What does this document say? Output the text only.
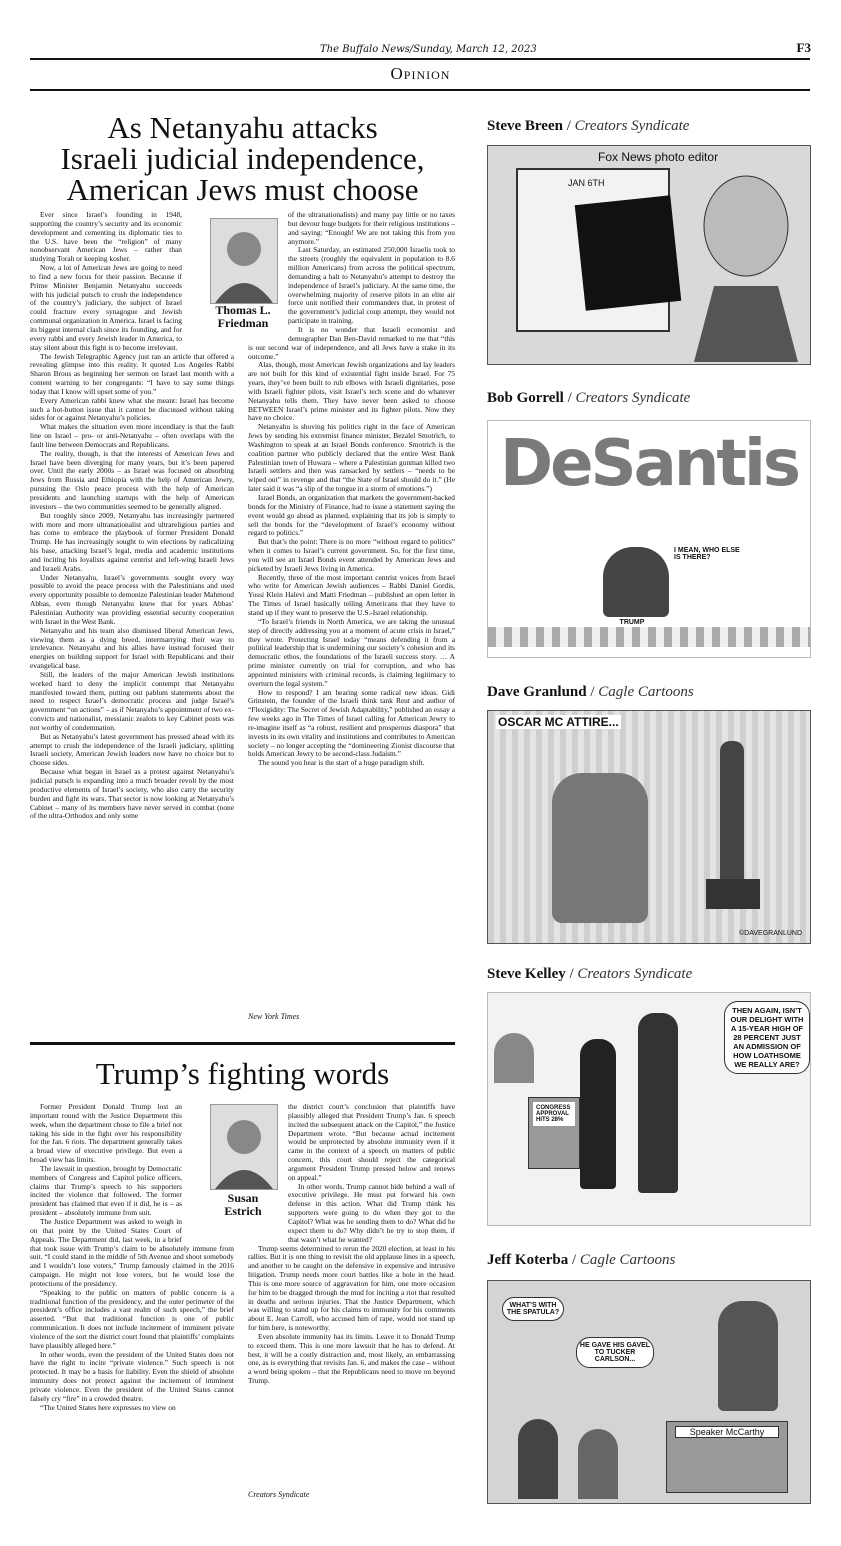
The Buffalo News/Sunday, March 12, 2023	F3
Opinion
As Netanyahu attacks
Israeli judicial independence,
American Jews must choose
Thomas L.
Friedman

Ever since Israel’s founding in 1948, supporting the country’s security and its economic development and cementing its diplomatic ties to the U.S. have been the “religion” of many nonobservant American Jews – rather than studying Torah or keeping kosher.

Now, a lot of American Jews are going to need to find a new focus for their passion. Because if Prime Minister Benjamin Netanyahu succeeds with his judicial putsch to crush the independence of the country’s judiciary, the subject of Israel could fracture every synagogue and Jewish communal organization in America. Israel is facing its biggest internal clash since its founding, and for every rabbi and every Jewish leader in America, to stay silent about this fight is to become irrelevant.

The Jewish Telegraphic Agency just ran an article that offered a revealing glimpse into this reality. It quoted Los Angeles Rabbi Sharon Brous as beginning her sermon on Israel last month with a content warning to her congregants: “I have to say some things today that I know will upset some of you.”

Every American rabbi knew what she meant: Israel has become such a hot-button issue that it cannot be discussed without taking sides for or against Netanyahu’s policies.

What makes the situation even more incendiary is that the fault line on Israel – pro- or anti-Netanyahu – often overlaps with the fault line between Democrats and Republicans.

The reality, though, is that the interests of American Jews and Israel have been diverging for many years, but it’s been papered over. Until the early 2000s – as Israel was focused on absorbing Jews from Russia and Ethiopia with the help of American Jewry, pursuing the Oslo peace process with the help of American presidents and launching startups with the help of American investors – the two communities seemed to be generally aligned.

But roughly since 2009, Netanyahu has increasingly partnered with more and more ultranationalist and ultrareligious parties and has come to embrace the playbook of former President Donald Trump. He has increasingly sought to win elections by radicalizing his base, attacking Israel’s legal, media and academic institutions and inciting his loyalists against centrist and left-wing Israeli Jews and Israeli Arabs.

Under Netanyahu, Israel’s governments sought every way possible to avoid the peace process with the Palestinians and used every opportunity possible to demonize Palestinian leader Mahmoud Abbas, even though Netanyahu knew that for years Abbas’ Palestinian Authority was providing essential security cooperation with Israel in the West Bank.

Netanyahu and his team also dismissed liberal American Jews, viewing them as a dying breed, intermarrying their way to irrelevance. Netanyahu and his allies have instead focused their energies on building support for Israel with Republicans and their evangelical base.

Still, the leaders of the major American Jewish institutions worked hard to deny the implicit contempt that Netanyahu manifested toward them, putting out pablum statements about the need to respect Israel’s democratic process and judge Israel’s government “on actions” – as if Netanyahu’s appointment of two ex-convicts and nationalist, messianic zealots to key Cabinet posts was not worthy of condemnation.

But as Netanyahu’s latest government has pressed ahead with its attempt to crush the independence of the Israeli judiciary, splitting Israeli society, American Jewish leaders now have no choice but to choose sides.

Because what began in Israel as a protest against Netanyahu’s judicial putsch is expanding into a much broader revolt by the most productive elements of Israel’s society, who also carry the security burden and fight its wars. That sector is now looking at Netanyahu’s Cabinet – many of its members have never served in combat (none of the ultra-Orthodox and only some

of the ultranationalists) and many pay little or no taxes but devour huge budgets for their religious institutions – and saying: “Enough! We are not taking this from you anymore.”

Last Saturday, an estimated 250,000 Israelis took to the streets (roughly the equivalent in population to 8.6 million Americans) from across the political spectrum, demanding a halt to Netanyahu’s attempt to destroy the independence of Israel’s judiciary. At the same time, the overwhelming majority of reserve pilots in an elite air force unit notified their commanders that, in protest of the government’s judicial coup attempt, they would not participate in training.

It is no wonder that Israeli economist and demographer Dan Ben-David remarked to me that “this is our second war of independence, and all Jews have a stake in its outcome.”

Alas, though, most American Jewish organizations and lay leaders are not built for this kind of existential fight inside Israel. For 75 years, they’ve been built to rub elbows with Israeli dignitaries, pose with Israeli fighter pilots, visit Israel’s tech scene and do whatever Netanyahu tells them. They have never been asked to choose BETWEEN Israel’s prime minister and its fighter pilots. Now they have no choice.

Netanyahu is shoving his politics right in the face of American Jews by sending his extremist finance minister, Bezalel Smotrich, to Washington to speak at an Israel Bonds conference. Smotrich is the coalition partner who publicly declared that the entire West Bank Palestinian town of Huwara – where a Palestinian gunman killed two Israeli settlers and then was ransacked by settlers – “needs to be wiped out” in revenge and that “the State of Israel should do it.” (He later said it was “a slip of the tongue in a storm of emotions.”)

Israel Bonds, an organization that markets the government-backed bonds for the Ministry of Finance, had to issue a statement saying the event would go ahead as planned, explaining that its job is simply to sell the bonds for the “development of Israel’s economy without regard to politics.”

But that’s the point: There is no more “without regard to politics” when it comes to Israel’s current government. So, for the first time, you will see an Israel Bonds event attended by American Jews and picketed by Israeli Jews living in America.

Recently, three of the most important centrist voices from Israel who write for American Jewish audiences – Rabbi Daniel Gordis, Yossi Klein Halevi and Matti Friedman – published an open letter in The Times of Israel basically telling Americans that they have to stand up if they want to preserve the U.S.-Israel relationship.

“To Israel’s friends in North America, we are taking the unusual step of directly addressing you at a moment of acute crisis in Israel,” they wrote. Protecting Israel today “means defending it from a political leadership that is undermining our society’s cohesion and its democratic ethos, the foundations of the Israeli success story. … A prime minister currently on trial for corruption, and who has appointed ministers with criminal records, is claiming legitimacy to overturn the legal system.”

How to respond? I am hearing some radical new ideas. Gidi Grinstein, the founder of the Israeli think tank Reut and author of “Flexigidity: The Secret of Jewish Adaptability,” published an essay a few weeks ago in The Times of Israel calling for American Jewry to re-imagine itself as “a robust, resilient and prosperous diaspora” that invests in its own vitality and institutions and contributes to American society – no longer accepting the “domineering Zionist discourse that holds American Jewry to be second-class Judaism.”

The sound you hear is the start of a huge paradigm shift.

New York Times
Trump’s fighting words
Susan
Estrich

Former President Donald Trump lost an important round with the Justice Department this week, when the department chose to file a brief not taking his side in the fight over his responsibility for the Jan. 6 riots. The department generally takes a broad view of executive privilege. But even a broad view has limits.

The lawsuit in question, brought by Democratic members of Congress and Capitol police officers, claims that Trump’s speech to his supporters incited the violence that followed. The former president has claimed that even if it did, he is – as president – absolutely immune from suit.

The Justice Department was asked to weigh in on that point by the United States Court of Appeals. The Department did, last week, in a brief that took issue with Trump’s claim to be absolutely immune from suit. “I could stand in the middle of 5th Avenue and shoot somebody and I wouldn’t lose voters,” Trump famously claimed in the 2016 campaign. He might not lose voters, but he would lose the protections of the presidency.

“Speaking to the public on matters of public concern is a traditional function of the presidency, and the outer perimeter of the president’s office includes a vast realm of such speech,” the brief asserted. “But that traditional function is one of public communication. It does not include incitement of imminent private violence of the sort the district court found that plaintiffs’ complaints have plausibly alleged here.”

In other words, even the president of the United States does not have the right to incite “private violence.” Such speech is not protected. It may be a basis for liability. Even the shield of absolute immunity does not protect against the incitement of imminent private violence. Even the president of the United States cannot falsely cry “fire” in a crowded theatre.

“The United States here expresses no view on

the district court’s conclusion that plaintiffs have plausibly alleged that President Trump’s Jan. 6 speech incited the subsequent attack on the Capitol,” the Justice Department wrote. “But because actual incitement would be unprotected by absolute immunity even if it came in the context of a speech on matters of public concern, this court should reject the categorical argument President Trump pressed below and renews on appeal.”

In other words, Trump cannot hide behind a wall of executive privilege. He must put forward his own defense in this action. What did Trump think his supporters were going to do when they got to the Capitol? What was he sending them to do? What did he expect them to do? Why didn’t he try to stop them, if that wasn’t what he wanted?

Trump seems determined to rerun the 2020 election, at least in his rallies. But it is one thing to revisit the old applause lines in a speech, and another to be caught on the defensive in expensive and intrusive litigation. Trump needs more court battles like a hole in the head. This is one more source of aggravation for him, one more occasion for him to be dragged through the mud for inciting a riot that resulted in deaths and serious injuries. That the Justice Department, which was willing to stand up for his claims to immunity for his comments about E. Jean Carroll, who accused him of rape, would not stand up for him here, is noteworthy.

Even absolute immunity has its limits. Leave it to Donald Trump to exceed them. This is one more lawsuit that he has to defend. At best, it will be a costly distraction and, most likely, an embarrassing one, as is everything that revisits Jan. 6, and makes the case – without a word being spoken – that the Republicans need to move on beyond Trump.

Creators Syndicate
Steve Breen / Creators Syndicate
Fox News photo editor
JAN 6TH
Bob Gorrell / Creators Syndicate
DeSantis
I MEAN, WHO ELSE IS THERE?
TRUMP
Dave Granlund / Cagle Cartoons
OSCAR MC ATTIRE...
©DAVEGRANLUND
Steve Kelley / Creators Syndicate
CONGRESS APPROVAL HITS 28%
THEN AGAIN, ISN’T OUR DELIGHT WITH A 15-YEAR HIGH OF 28 PERCENT JUST AN ADMISSION OF HOW LOATHSOME WE REALLY ARE?
Jeff Koterba / Cagle Cartoons
WHAT’S WITH THE SPATULA?
HE GAVE HIS GAVEL TO TUCKER CARLSON...
Speaker McCarthy
